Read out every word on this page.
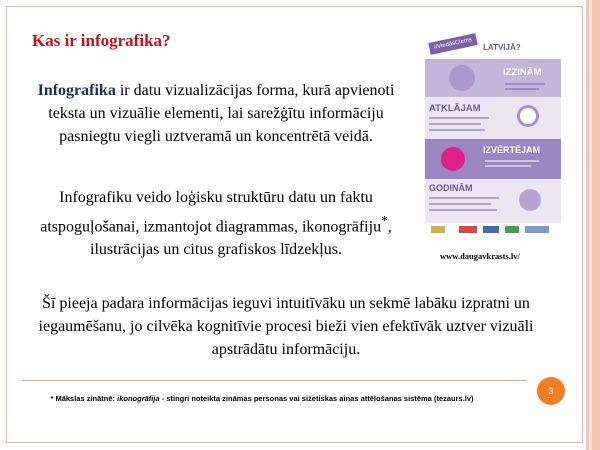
Kas ir infografika?
Infografika ir datu vizualizācijas forma, kurā apvienoti teksta un vizuālie elementi, lai sarežģītu informāciju pasniegtu viegli uztveramā un koncentrētā veidā.
Infografiku veido loģisku struktūru datu un faktu atspoguļošanai, izmantojot diagrammas, ikonogrāfiju*, ilustrācijas un citus grafiskos līdzekļus.
Šī pieeja padara informācijas ieguvi intuitīvāku un sekmē labāku izpratni un iegaumēšanu, jo cilvēka kognitīvie procesi bieži vien efektīvāk uztver vizuāli apstrādātu informāciju.
#ViedāsCiems	LATVIJĀ?
IZZINĀM
ATKLĀJAM
IZVĒRTĒJAM
GODINĀM
www.daugavkrasts.lv/
3
* Mākslas zinātnē: ikonogrāfija - stingri noteikta zināmas personas vai sižetiskas ainas attēlošanas sistēma (tezaurs.lv)
